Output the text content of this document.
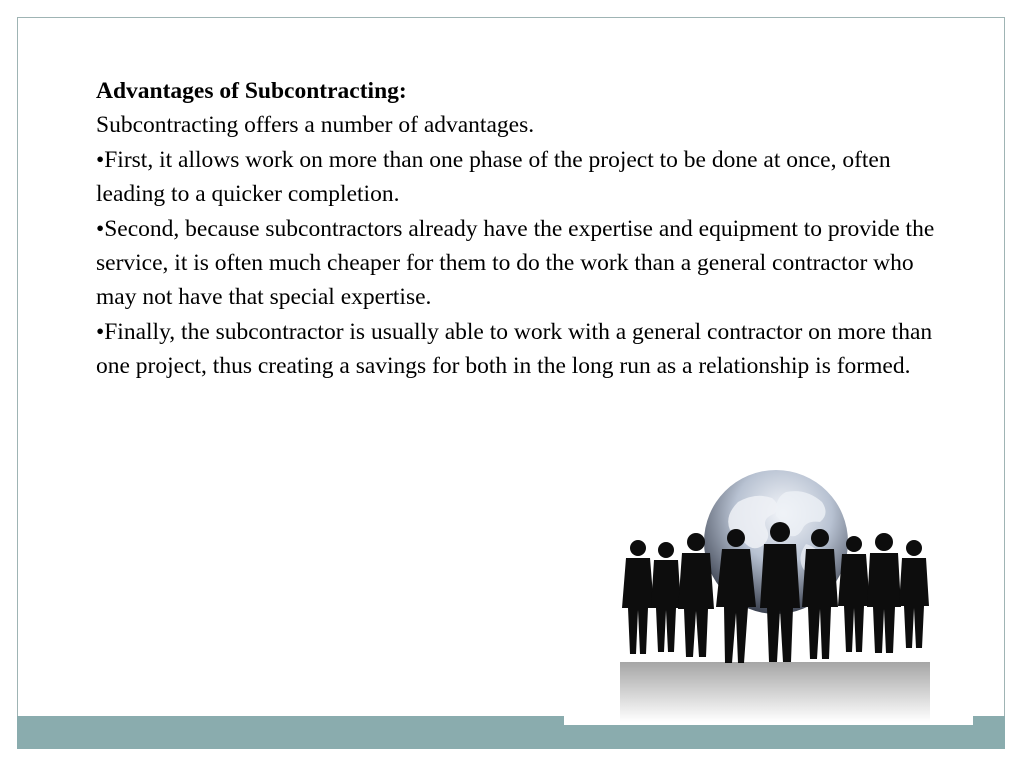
Advantages of Subcontracting:

Subcontracting offers a number of advantages.

•First, it allows work on more than one phase of the project to be done at once, often leading to a quicker completion.

•Second, because subcontractors already have the expertise and equipment to provide the service, it is often much cheaper for them to do the work than a general contractor who may not have that special expertise.

•Finally, the subcontractor is usually able to work with a general contractor on more than one project, thus creating a savings for both in the long run as a relationship is formed.
